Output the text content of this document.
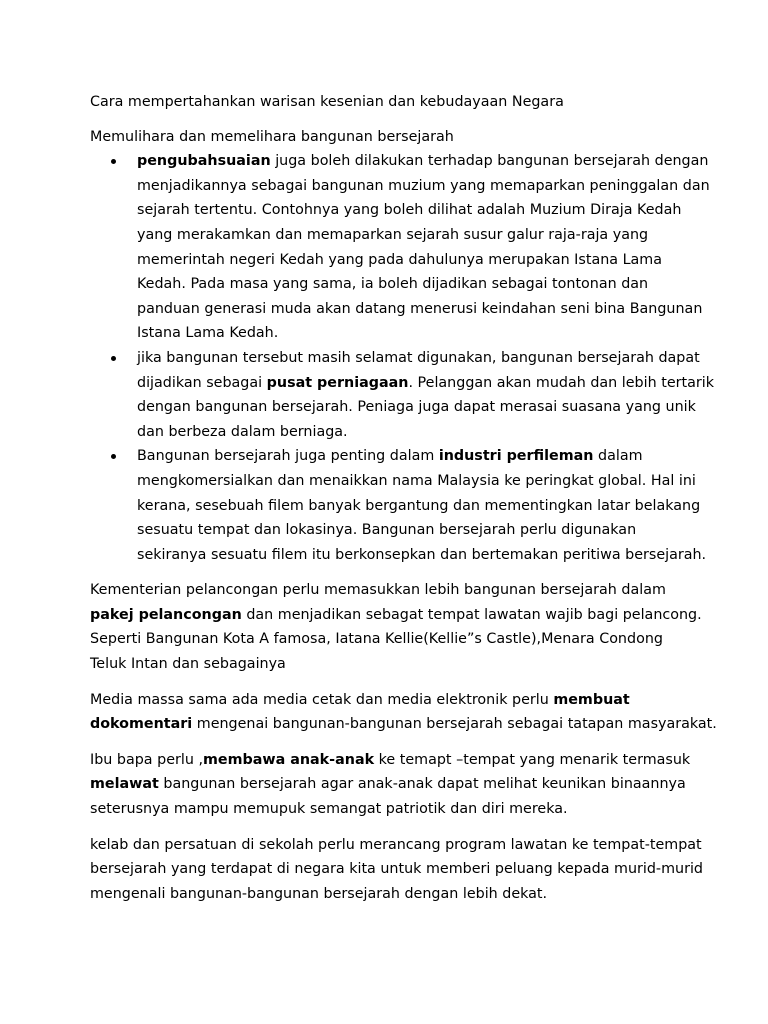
Cara mempertahankan warisan kesenian dan kebudayaan Negara

Memulihara dan memelihara bangunan bersejarah

pengubahsuaian juga boleh dilakukan terhadap bangunan bersejarah dengan
menjadikannya sebagai bangunan muzium yang memaparkan peninggalan dan
sejarah tertentu. Contohnya yang boleh dilihat adalah Muzium Diraja Kedah
yang merakamkan dan memaparkan sejarah susur galur raja-raja yang
memerintah negeri Kedah yang pada dahulunya merupakan Istana Lama
Kedah. Pada masa yang sama, ia boleh dijadikan sebagai tontonan dan
panduan generasi muda akan datang menerusi keindahan seni bina Bangunan
Istana Lama Kedah.
jika bangunan tersebut masih selamat digunakan, bangunan bersejarah dapat
dijadikan sebagai pusat perniagaan. Pelanggan akan mudah dan lebih tertarik
dengan bangunan bersejarah. Peniaga juga dapat merasai suasana yang unik
dan berbeza dalam berniaga.
Bangunan bersejarah juga penting dalam industri perfileman dalam
mengkomersialkan dan menaikkan nama Malaysia ke peringkat global. Hal ini
kerana, sesebuah filem banyak bergantung dan mementingkan latar belakang
sesuatu tempat dan lokasinya. Bangunan bersejarah perlu digunakan
sekiranya sesuatu filem itu berkonsepkan dan bertemakan peritiwa bersejarah.

Kementerian pelancongan perlu memasukkan lebih bangunan bersejarah dalam
pakej pelancongan dan menjadikan sebagat tempat lawatan wajib bagi pelancong.
Seperti Bangunan Kota A famosa, Iatana Kellie(Kellie”s Castle),Menara Condong
Teluk Intan dan sebagainya

Media massa sama ada media cetak dan media elektronik perlu membuat
dokomentari mengenai bangunan-bangunan bersejarah sebagai tatapan masyarakat.

Ibu bapa perlu ,membawa anak-anak ke temapt –tempat yang menarik termasuk
melawat bangunan bersejarah agar anak-anak dapat melihat keunikan binaannya
seterusnya mampu memupuk semangat patriotik dan diri mereka.

kelab dan persatuan di sekolah perlu merancang program lawatan ke tempat-tempat
bersejarah yang terdapat di negara kita untuk memberi peluang kepada murid-murid
mengenali bangunan-bangunan bersejarah dengan lebih dekat.
